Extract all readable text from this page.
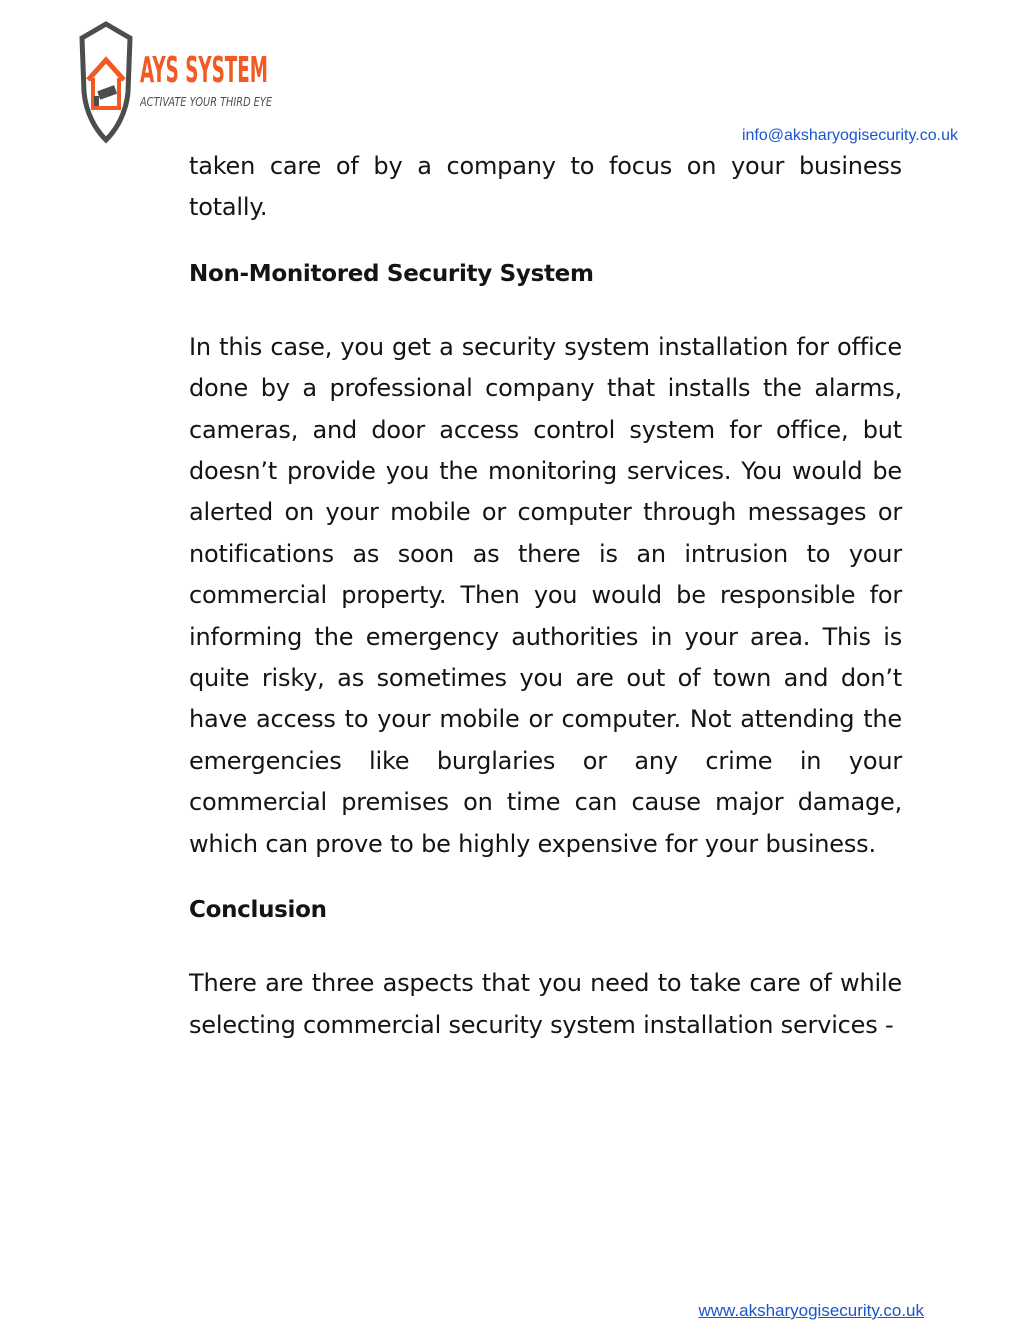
AYS SYSTEM
ACTIVATE YOUR THIRD EYE
info@aksharyogisecurity.co.uk

taken care of by a company to focus on your business totally.

Non-Monitored Security System

In this case, you get a security system installation for office done by a professional company that installs the alarms, cameras, and door access control system for office, but doesn’t provide you the monitoring services. You would be alerted on your mobile or computer through messages or notifications as soon as there is an intrusion to your commercial property. Then you would be responsible for informing the emergency authorities in your area. This is quite risky, as sometimes you are out of town and don’t have access to your mobile or computer. Not attending the emergencies like burglaries or any crime in your commercial premises on time can cause major damage, which can prove to be highly expensive for your business.

Conclusion

There are three aspects that you need to take care of while selecting commercial security system installation services -

www.aksharyogisecurity.co.uk
